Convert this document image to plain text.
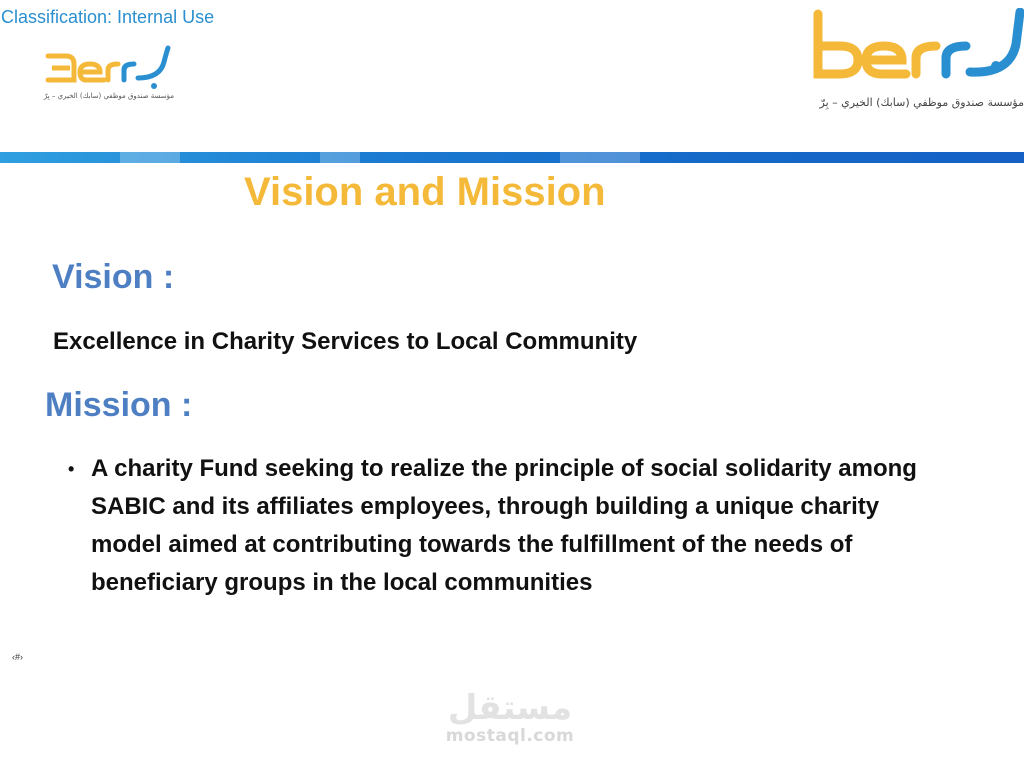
Classification: Internal Use
مؤسسة صندوق موظفي (سابك) الخيري – بِرّ	مؤسسة صندوق موظفي (سابك) الخيري – بِرّ
Vision and Mission
Vision :
Excellence in Charity Services to Local Community
Mission :
• A charity Fund seeking to realize the principle of social solidarity among SABIC and its affiliates employees, through building a unique charity model aimed at contributing towards the fulfillment of the needs of beneficiary groups in the local communities
‹#›
مستقل
mostaql.com
